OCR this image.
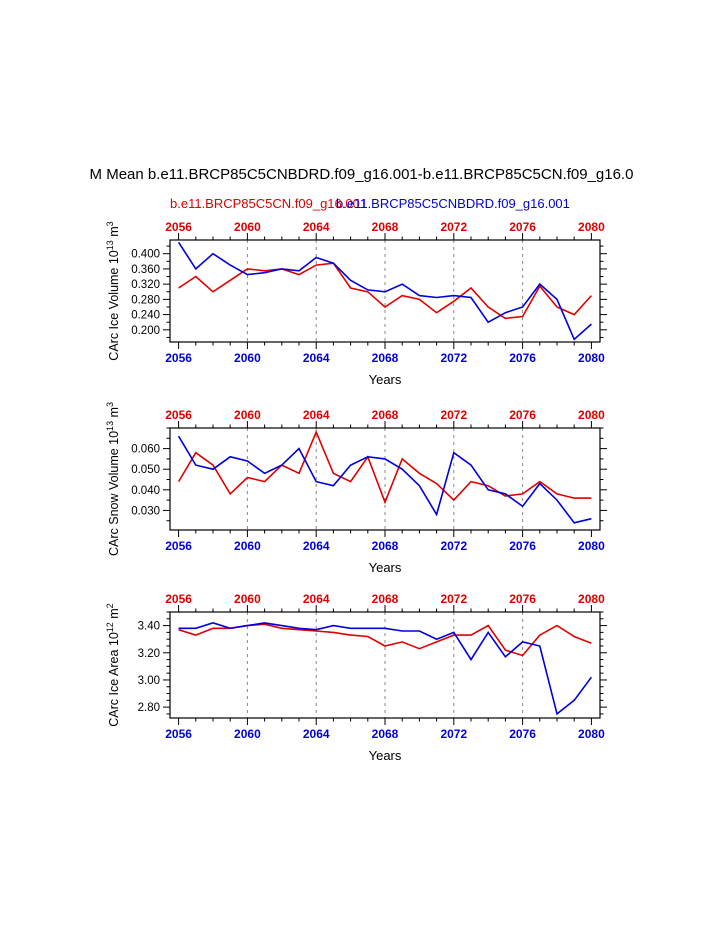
M Mean b.e11.BRCP85C5CNBDRD.f09_g16.001-b.e11.BRCP85C5CN.f09_g16.0
b.e11.BRCP85C5CN.f09_g16.001
b.e11.BRCP85C5CNBDRD.f09_g16.001
2056	2060	2064	2068	2072	2076	2080
2056	2060	2064	2068	2072	2076	2080
0.200
0.240
0.280
0.320
0.360
0.400
CArc Ice Volume $10^{13}$ $m^3$
Years
2056	2060	2064	2068	2072	2076	2080
2056	2060	2064	2068	2072	2076	2080
0.030
0.040
0.050
0.060
CArc Snow Volume $10^{13}$ $m^3$
Years
2056	2060	2064	2068	2072	2076	2080
2056	2060	2064	2068	2072	2076	2080
2.80
3.00
3.20
3.40
CArc Ice Area $10^{12}$ $m^2$
Years
